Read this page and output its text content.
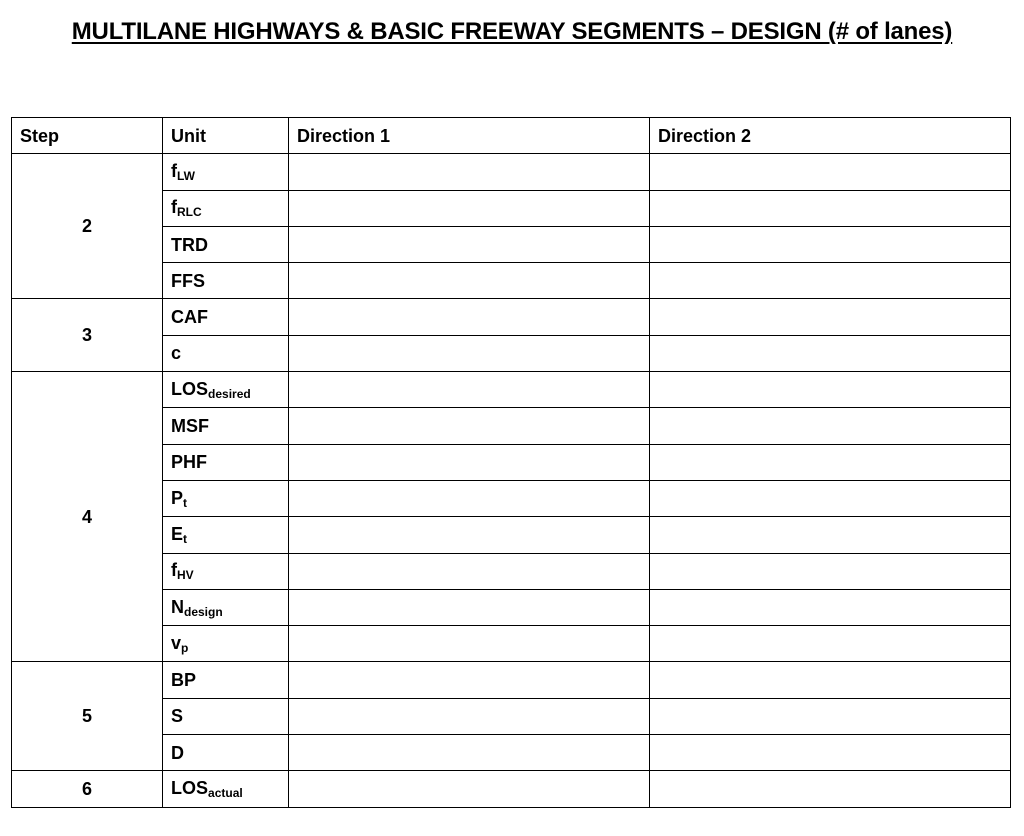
MULTILANE HIGHWAYS & BASIC FREEWAY SEGMENTS – DESIGN (# of lanes)
Step	Unit	Direction 1	Direction 2
2	fLW		
	fRLC		
	TRD		
	FFS		
3	CAF		
	c		
4	LOSdesired		
	MSF		
	PHF		
	Pt		
	Et		
	fHV		
	Ndesign		
	vp		
5	BP		
	S		
	D		
6	LOSactual		
